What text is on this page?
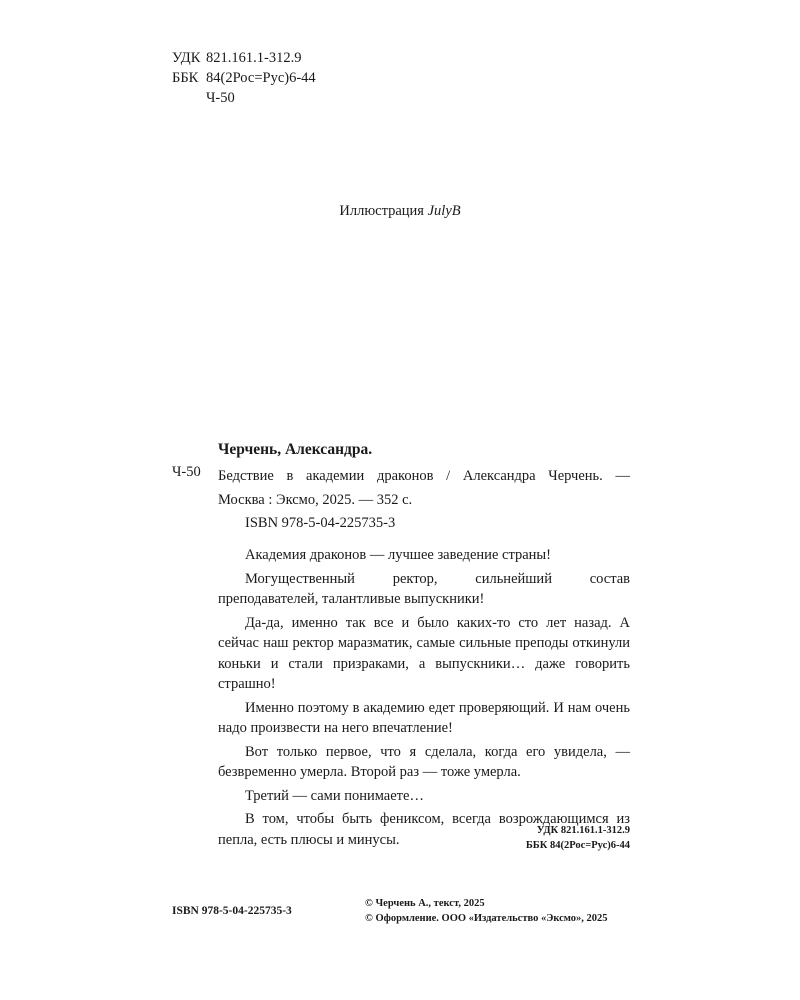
УДК 821.161.1-312.9
ББК 84(2Рос=Рус)6-44
Ч-50
Иллюстрация JulyB
Черчень, Александра.
Ч-50 Бедствие в академии драконов / Александра Черчень. —
Москва : Эксмо, 2025. — 352 с.
ISBN 978-5-04-225735-3

Академия драконов — лучшее заведение страны!

Могущественный ректор, сильнейший состав преподавателей, талантливые выпускники!

Да-да, именно так все и было каких-то сто лет назад. А сейчас наш ректор маразматик, самые сильные преподы откинули коньки и стали призраками, а выпускники… даже говорить страшно!

Именно поэтому в академию едет проверяющий. И нам очень надо произвести на него впечатление!

Вот только первое, что я сделала, когда его увидела, — безвременно умерла. Второй раз — тоже умерла.

Третий — сами понимаете…

В том, чтобы быть фениксом, всегда возрождающимся из пепла, есть плюсы и минусы.

УДК 821.161.1-312.9
ББК 84(2Рос=Рус)6-44
ISBN 978-5-04-225735-3
© Черчень А., текст, 2025
© Оформление. ООО «Издательство «Эксмо», 2025
